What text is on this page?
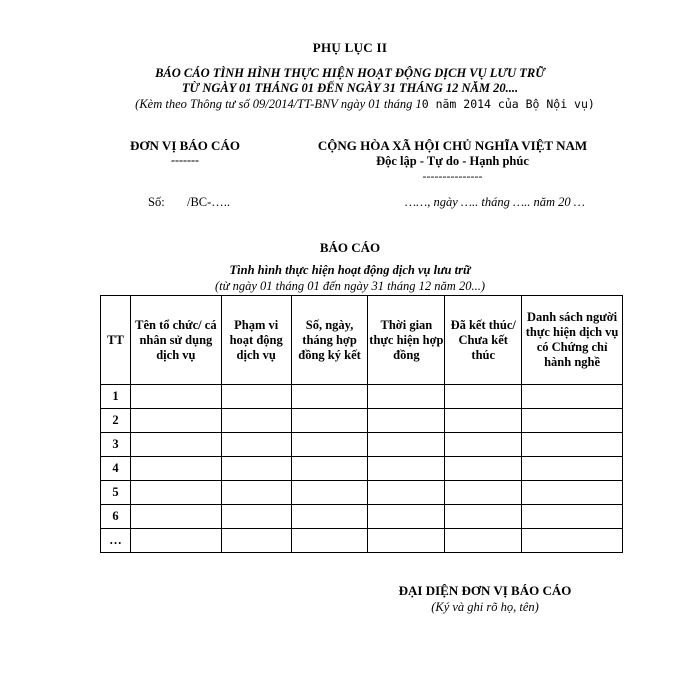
PHỤ LỤC II
BÁO CÁO TÌNH HÌNH THỰC HIỆN HOẠT ĐỘNG DỊCH VỤ LƯU TRỮ
TỪ NGÀY 01 THÁNG 01 ĐẾN NGÀY 31 THÁNG 12 NĂM 20....
(Kèm theo Thông tư số 09/2014/TT-BNV ngày 01 tháng 10 năm 2014 của Bộ Nội vụ)
ĐƠN VỊ BÁO CÁO
-------
CỘNG HÒA XÃ HỘI CHỦ NGHĨA VIỆT NAM
Độc lập - Tự do - Hạnh phúc
---------------
Số: /BC-…..	……, ngày ….. tháng ….. năm 20 …
BÁO CÁO
Tình hình thực hiện hoạt động dịch vụ lưu trữ
(từ ngày 01 tháng 01 đến ngày 31 tháng 12 năm 20...)
TT	Tên tổ chức/ cá nhân sử dụng dịch vụ	Phạm vi hoạt động dịch vụ	Số, ngày, tháng hợp đồng ký kết	Thời gian thực hiện hợp đồng	Đã kết thúc/ Chưa kết thúc	Danh sách người thực hiện dịch vụ có Chứng chỉ hành nghề
1						
2						
3						
4						
5						
6						
…						
ĐẠI DIỆN ĐƠN VỊ BÁO CÁO
(Ký và ghi rõ họ, tên)
